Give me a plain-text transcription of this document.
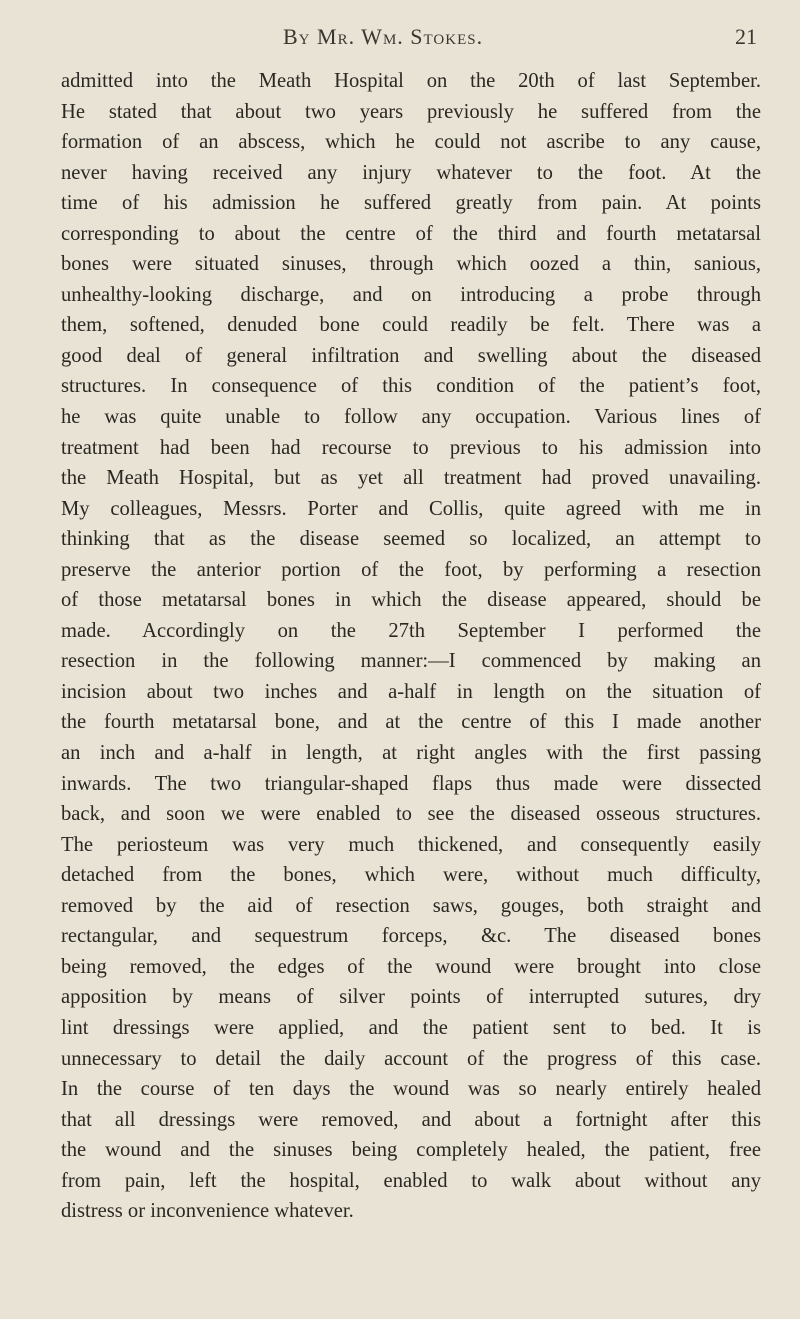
By Mr. Wm. Stokes.	21
admitted into the Meath Hospital on the 20th of last September.
He stated that about two years previously he suffered from the
formation of an abscess, which he could not ascribe to any cause,
never having received any injury whatever to the foot. At the
time of his admission he suffered greatly from pain. At points
corresponding to about the centre of the third and fourth metatarsal
bones were situated sinuses, through which oozed a thin, sanious,
unhealthy-looking discharge, and on introducing a probe through
them, softened, denuded bone could readily be felt. There was a
good deal of general infiltration and swelling about the diseased
structures. In consequence of this condition of the patient’s foot,
he was quite unable to follow any occupation. Various lines of
treatment had been had recourse to previous to his admission into
the Meath Hospital, but as yet all treatment had proved unavailing.
My colleagues, Messrs. Porter and Collis, quite agreed with me in
thinking that as the disease seemed so localized, an attempt to
preserve the anterior portion of the foot, by performing a resection
of those metatarsal bones in which the disease appeared, should be
made. Accordingly on the 27th September I performed the
resection in the following manner:—I commenced by making an
incision about two inches and a-half in length on the situation of
the fourth metatarsal bone, and at the centre of this I made another
an inch and a-half in length, at right angles with the first passing
inwards. The two triangular-shaped flaps thus made were dissected
back, and soon we were enabled to see the diseased osseous structures.
The periosteum was very much thickened, and consequently easily
detached from the bones, which were, without much difficulty,
removed by the aid of resection saws, gouges, both straight and
rectangular, and sequestrum forceps, &c. The diseased bones
being removed, the edges of the wound were brought into close
apposition by means of silver points of interrupted sutures, dry
lint dressings were applied, and the patient sent to bed. It is
unnecessary to detail the daily account of the progress of this case.
In the course of ten days the wound was so nearly entirely healed
that all dressings were removed, and about a fortnight after this
the wound and the sinuses being completely healed, the patient, free
from pain, left the hospital, enabled to walk about without any
distress or inconvenience whatever.
